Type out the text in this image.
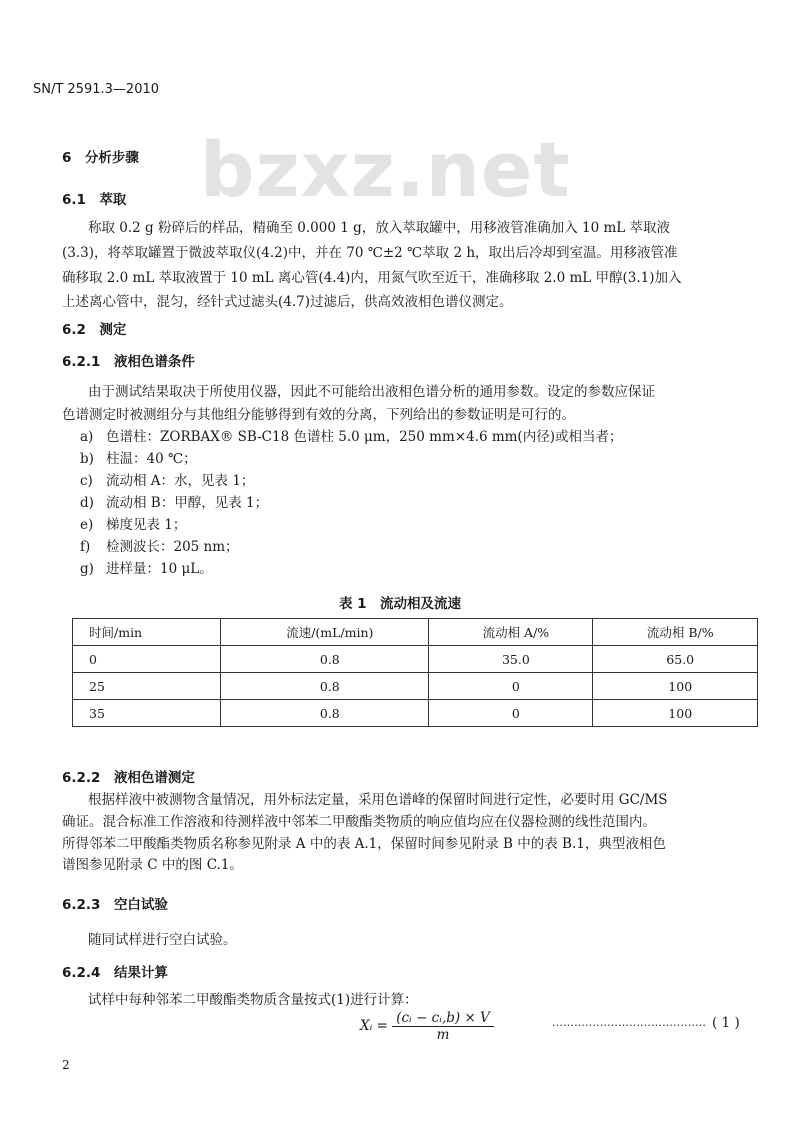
SN/T 2591.3—2010
bzxz.net
6　 分析步骤
6.1　 萃取
称取 0.2 g 粉碎后的样品，精确至 0.000 1 g，放入萃取罐中，用移液管准确加入 10 mL 萃取液
(3.3)，将萃取罐置于微波萃取仪(4.2)中，并在 70 ℃±2 ℃萃取 2 h，取出后冷却到室温。用移液管准
确移取 2.0 mL 萃取液置于 10 mL 离心管(4.4)内，用氮气吹至近干，准确移取 2.0 mL 甲醇(3.1)加入
上述离心管中，混匀，经针式过滤头(4.7)过滤后，供高效液相色谱仪测定。
6.2　 测定
6.2.1　 液相色谱条件
由于测试结果取决于所使用仪器，因此不可能给出液相色谱分析的通用参数。设定的参数应保证
色谱测定时被测组分与其他组分能够得到有效的分离，下列给出的参数证明是可行的。
a) 色谱柱：ZORBAX® SB-C18 色谱柱 5.0 μm，250 mm×4.6 mm(内径)或相当者；
b) 柱温：40 ℃；
c) 流动相 A：水，见表 1；
d) 流动相 B：甲醇，见表 1；
e) 梯度见表 1；
f) 检测波长：205 nm；
g) 进样量：10 μL。
表 1　流动相及流速
时间/min	流速/(mL/min)	流动相 A/%	流动相 B/%
0	0.8	35.0	65.0
25	0.8	0	100
35	0.8	0	100
6.2.2　 液相色谱测定
根据样液中被测物含量情况，用外标法定量，采用色谱峰的保留时间进行定性，必要时用 GC/MS
确证。混合标准工作溶液和待测样液中邻苯二甲酸酯类物质的响应值均应在仪器检测的线性范围内。
所得邻苯二甲酸酯类物质名称参见附录 A 中的表 A.1，保留时间参见附录 B 中的表 B.1，典型液相色
谱图参见附录 C 中的图 C.1。
6.2.3　 空白试验
随同试样进行空白试验。
6.2.4　 结果计算
试样中每种邻苯二甲酸酯类物质含量按式(1)进行计算：
Xᵢ = $\frac{\text{(cᵢ − cᵢ,b) × V}}{m}$	…………………………………… ( 1 )
2
